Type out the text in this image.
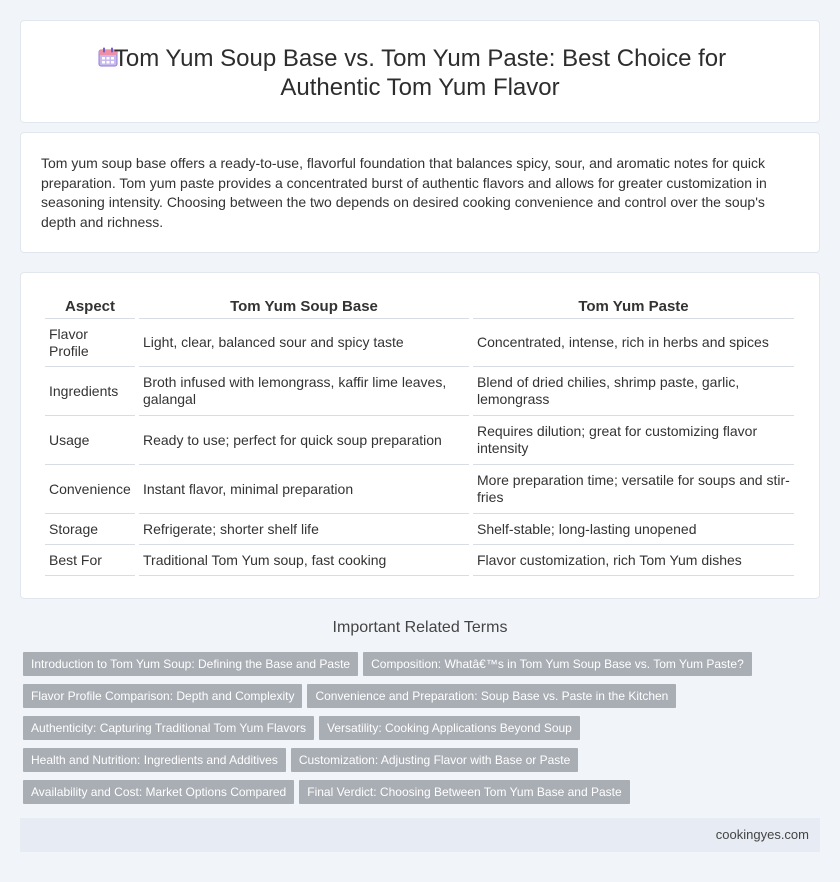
Tom Yum Soup Base vs. Tom Yum Paste: Best Choice for
Authentic Tom Yum Flavor

Tom yum soup base offers a ready-to-use, flavorful foundation that balances spicy, sour, and aromatic notes for quick preparation. Tom yum paste provides a concentrated burst of authentic flavors and allows for greater customization in seasoning intensity. Choosing between the two depends on desired cooking convenience and control over the soup's depth and richness.

Aspect	Tom Yum Soup Base	Tom Yum Paste
Flavor Profile	Light, clear, balanced sour and spicy taste	Concentrated, intense, rich in herbs and spices
Ingredients	Broth infused with lemongrass, kaffir lime leaves, galangal	Blend of dried chilies, shrimp paste, garlic, lemongrass
Usage	Ready to use; perfect for quick soup preparation	Requires dilution; great for customizing flavor intensity
Convenience	Instant flavor, minimal preparation	More preparation time; versatile for soups and stir-fries
Storage	Refrigerate; shorter shelf life	Shelf-stable; long-lasting unopened
Best For	Traditional Tom Yum soup, fast cooking	Flavor customization, rich Tom Yum dishes
Important Related Terms
Introduction to Tom Yum Soup: Defining the Base and Paste Composition: Whatâ€™s in Tom Yum Soup Base vs. Tom Yum Paste?
Flavor Profile Comparison: Depth and Complexity Convenience and Preparation: Soup Base vs. Paste in the Kitchen
Authenticity: Capturing Traditional Tom Yum Flavors Versatility: Cooking Applications Beyond Soup
Health and Nutrition: Ingredients and Additives Customization: Adjusting Flavor with Base or Paste
Availability and Cost: Market Options Compared Final Verdict: Choosing Between Tom Yum Base and Paste
cookingyes.com
